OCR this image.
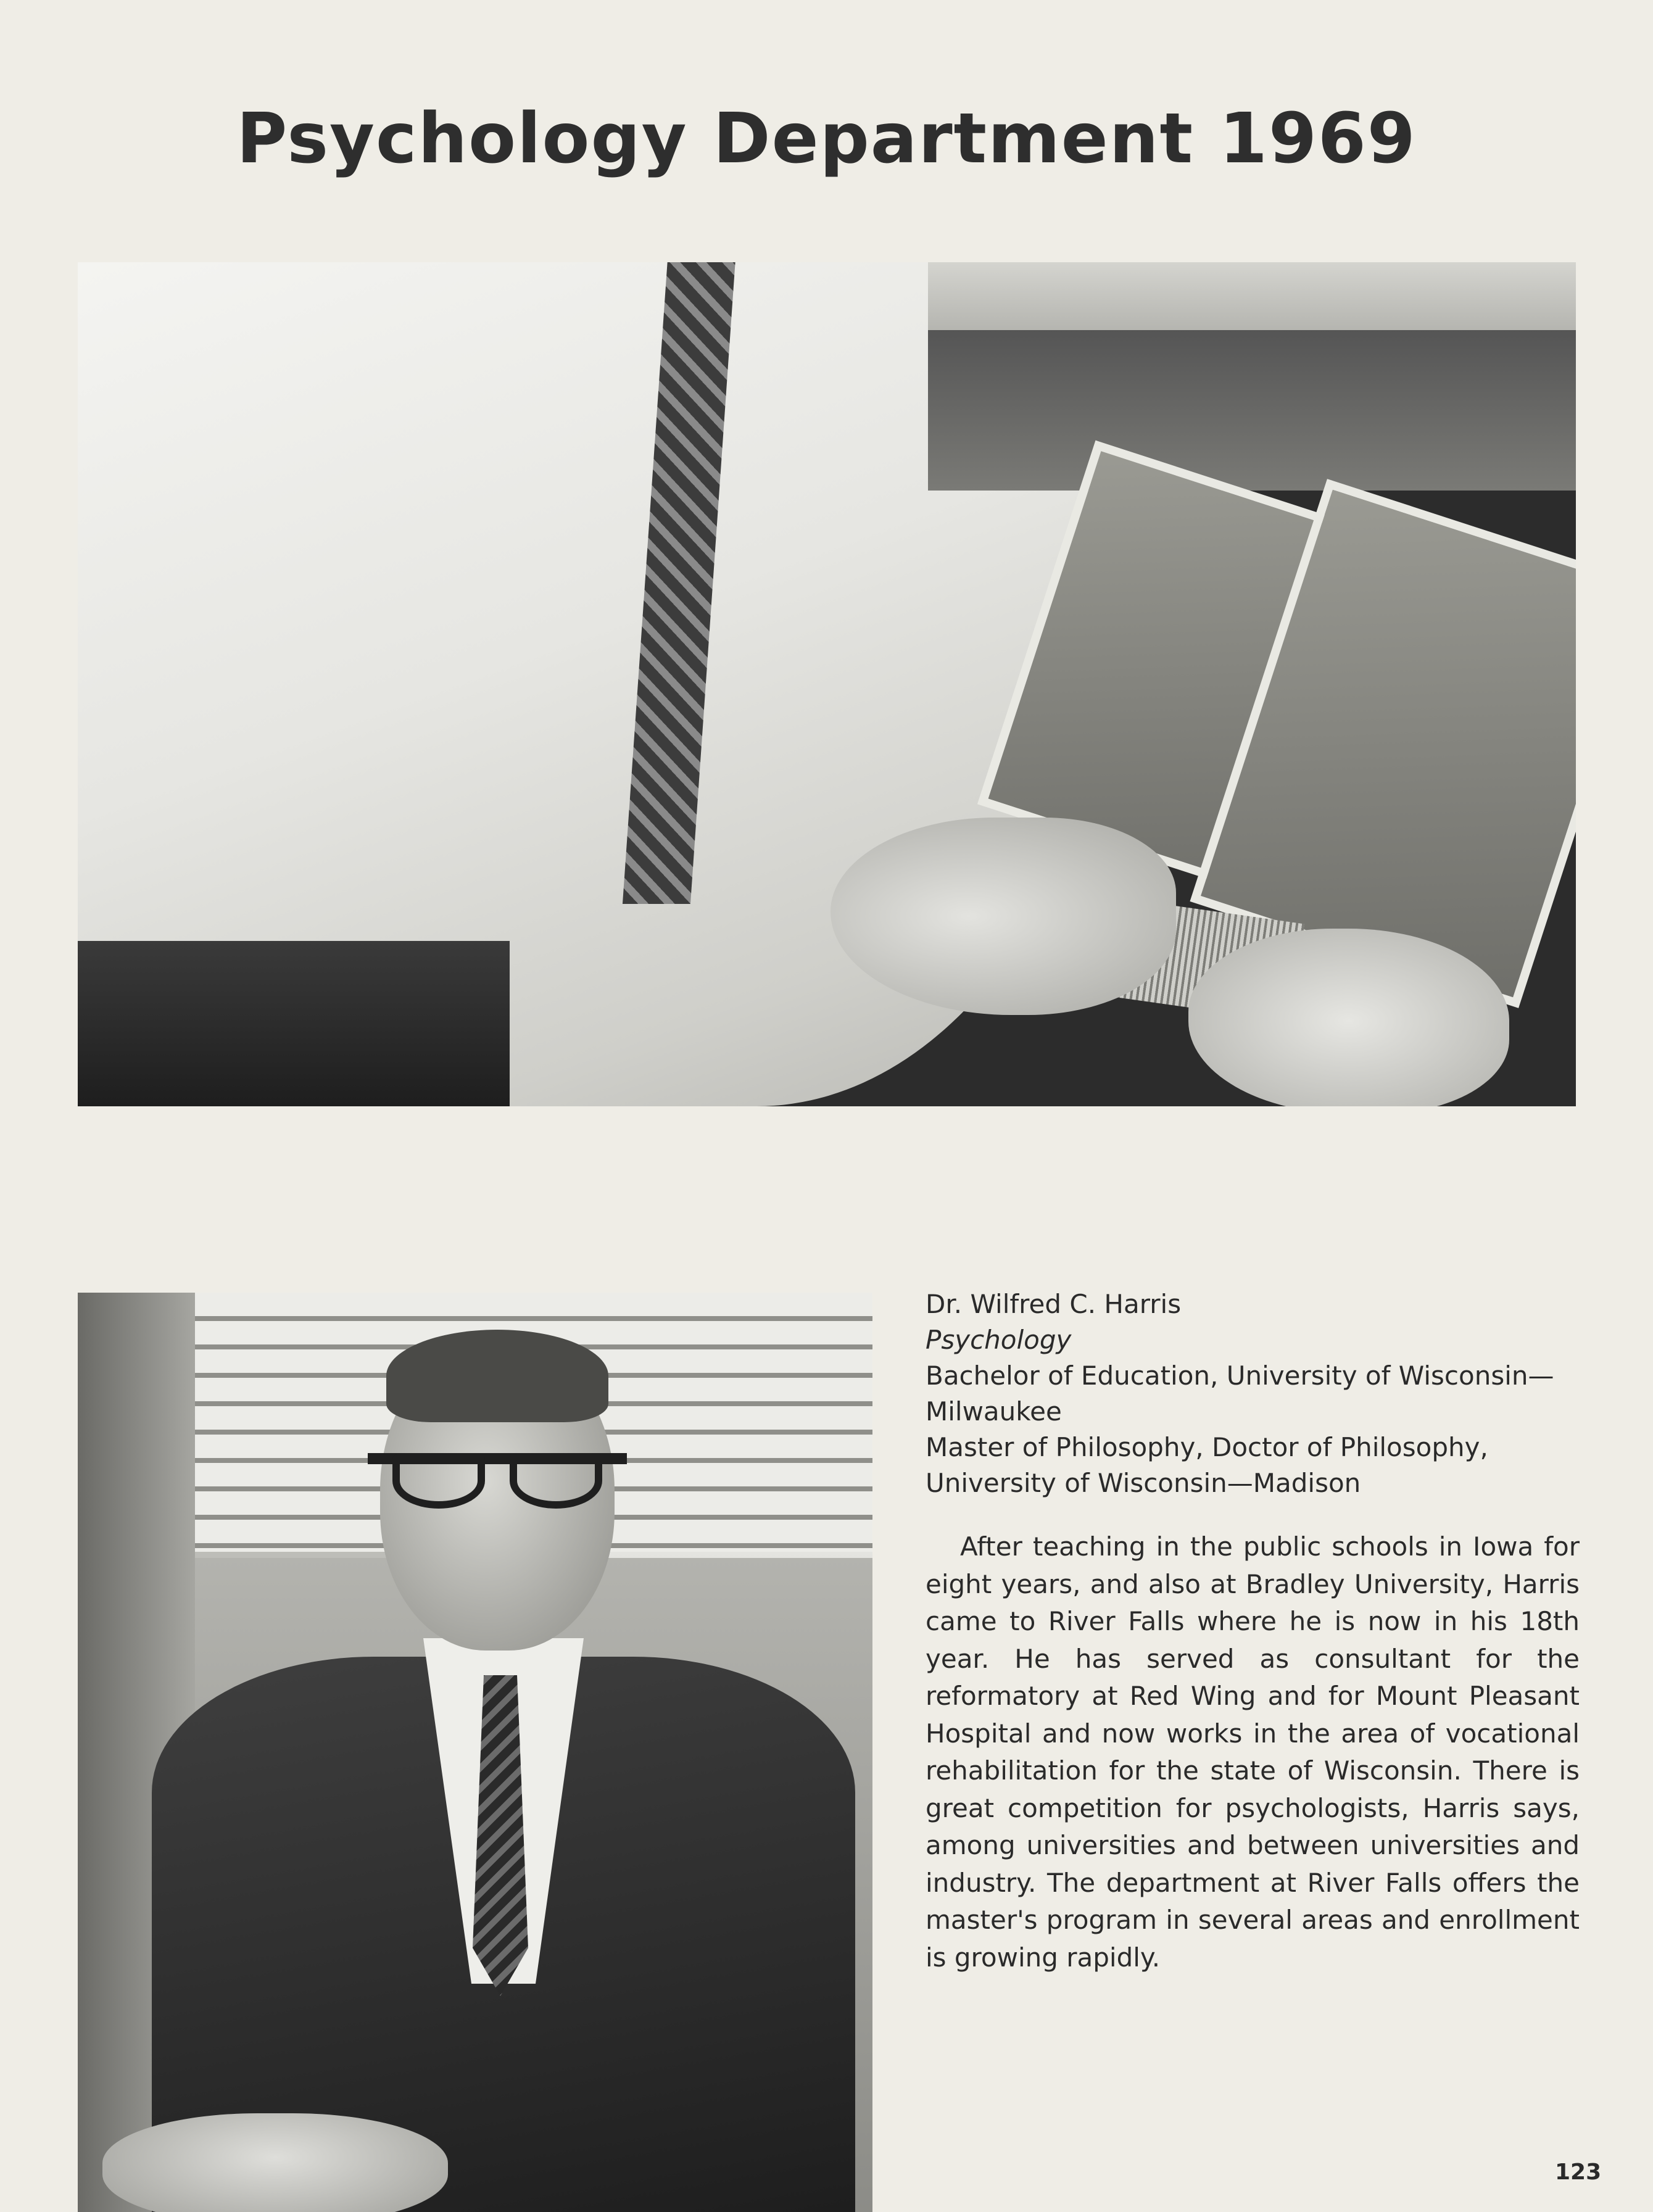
Psychology Department 1969

Dr. Wilfred C. Harris

Psychology

Bachelor of Education, University of Wisconsin—Milwaukee

Master of Philosophy, Doctor of Philosophy, University of Wisconsin—Madison

After teaching in the public schools in Iowa for eight years, and also at Bradley University, Harris came to River Falls where he is now in his 18th year. He has served as consultant for the reformatory at Red Wing and for Mount Pleasant Hospital and now works in the area of vocational rehabilitation for the state of Wisconsin. There is great competition for psychologists, Harris says, among universities and between universities and industry. The department at River Falls offers the master's program in several areas and enrollment is growing rapidly.

123
